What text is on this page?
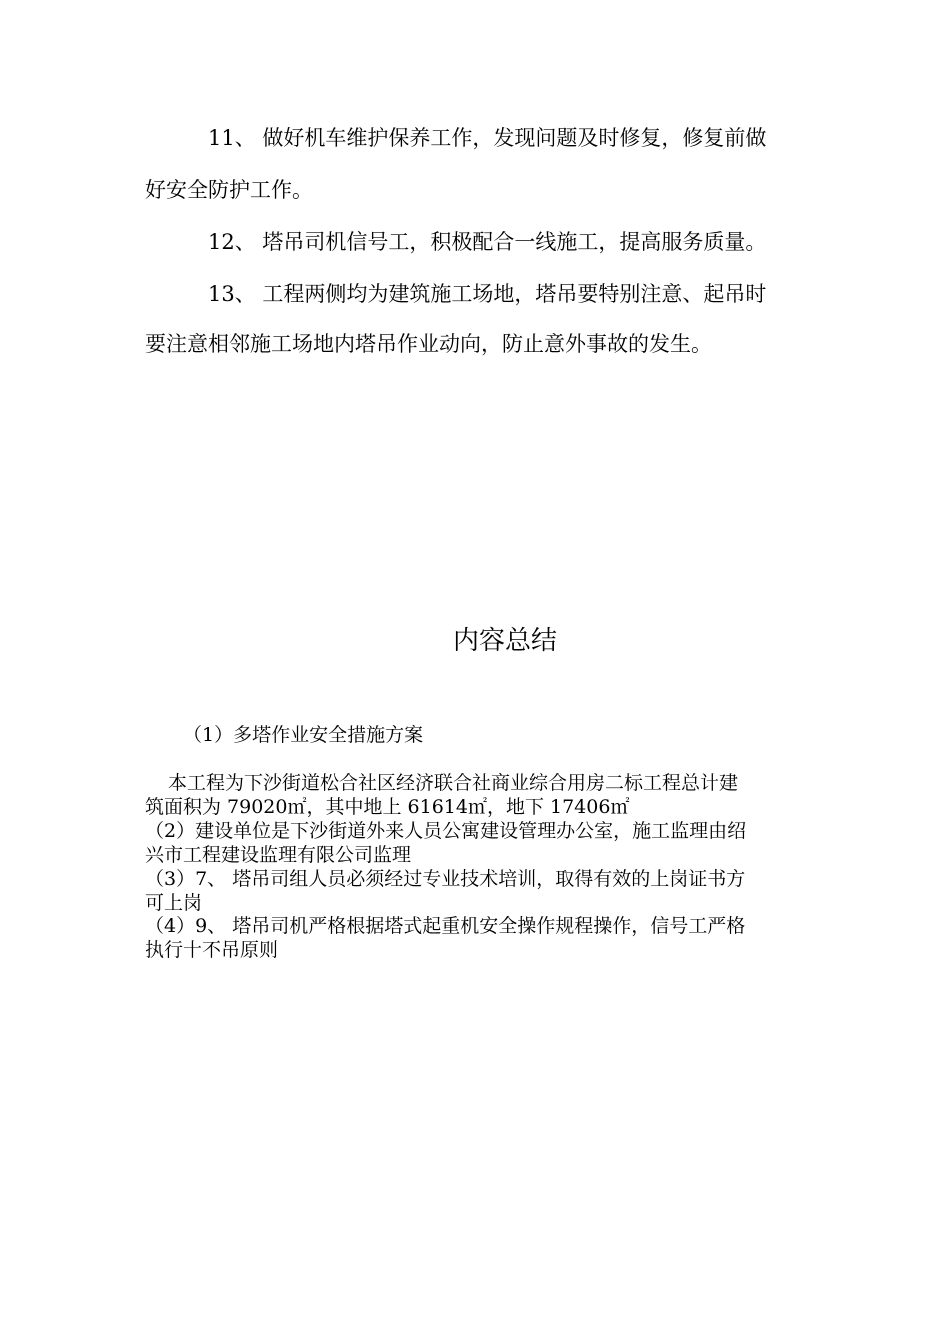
11、 做好机车维护保养工作，发现问题及时修复，修复前做
好安全防护工作。
12、 塔吊司机信号工，积极配合一线施工，提高服务质量。
13、 工程两侧均为建筑施工场地，塔吊要特别注意、起吊时
要注意相邻施工场地内塔吊作业动向，防止意外事故的发生。
内容总结
（1）多塔作业安全措施方案
本工程为下沙街道松合社区经济联合社商业综合用房二标工程总计建
筑面积为 79020㎡，其中地上 61614㎡，地下 17406㎡
（2）建设单位是下沙街道外来人员公寓建设管理办公室，施工监理由绍
兴市工程建设监理有限公司监理
（3）7、 塔吊司组人员必须经过专业技术培训，取得有效的上岗证书方
可上岗
（4）9、 塔吊司机严格根据塔式起重机安全操作规程操作，信号工严格
执行十不吊原则
